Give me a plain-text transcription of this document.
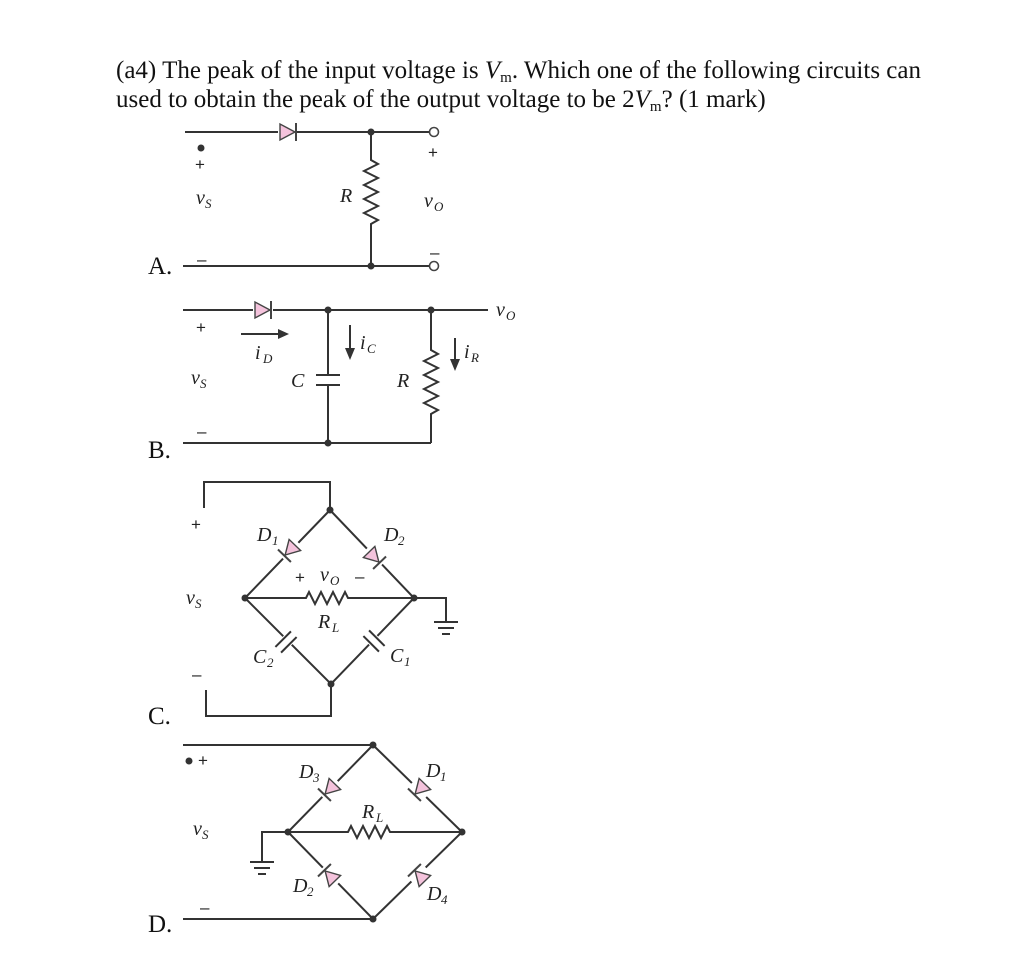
(a4) The peak of the input voltage is $V_m$. Which one of the following circuits can used to obtain the peak of the output voltage to be $2V_m$? (1 mark)

A.
B.
C.
D.
+
–
v S	R
+
v O
–
+
v S
–
i D
C
i C
R
i R
v O
+
v S
–
D 1	D 2
+ v O –
R L
C 2	C 1
+
v S
–
D 3	D 1
R L
D 2	D 4
